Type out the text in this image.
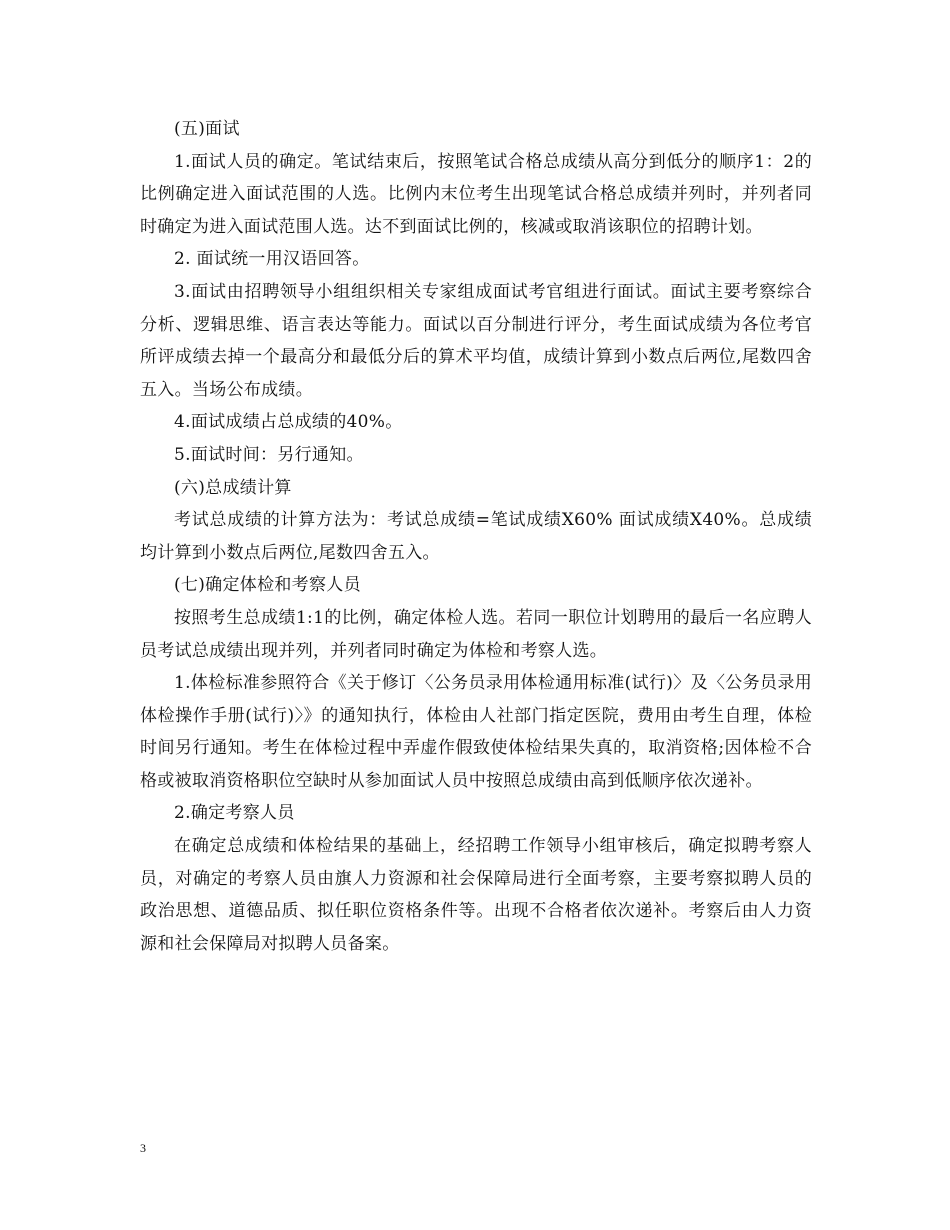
(五)面试

1.面试人员的确定。笔试结束后，按照笔试合格总成绩从高分到低分的顺序1：2的比例确定进入面试范围的人选。比例内末位考生出现笔试合格总成绩并列时，并列者同时确定为进入面试范围人选。达不到面试比例的，核减或取消该职位的招聘计划。

2. 面试统一用汉语回答。

3.面试由招聘领导小组组织相关专家组成面试考官组进行面试。面试主要考察综合分析、逻辑思维、语言表达等能力。面试以百分制进行评分，考生面试成绩为各位考官所评成绩去掉一个最高分和最低分后的算术平均值，成绩计算到小数点后两位,尾数四舍五入。当场公布成绩。

4.面试成绩占总成绩的40%。

5.面试时间：另行通知。

(六)总成绩计算

考试总成绩的计算方法为：考试总成绩=笔试成绩X60% 面试成绩X40%。总成绩均计算到小数点后两位,尾数四舍五入。

(七)确定体检和考察人员

按照考生总成绩1:1的比例，确定体检人选。若同一职位计划聘用的最后一名应聘人员考试总成绩出现并列，并列者同时确定为体检和考察人选。

1.体检标准参照符合《关于修订〈公务员录用体检通用标准(试行)〉及〈公务员录用体检操作手册(试行)〉》的通知执行，体检由人社部门指定医院，费用由考生自理，体检时间另行通知。考生在体检过程中弄虚作假致使体检结果失真的，取消资格;因体检不合格或被取消资格职位空缺时从参加面试人员中按照总成绩由高到低顺序依次递补。

2.确定考察人员

在确定总成绩和体检结果的基础上，经招聘工作领导小组审核后，确定拟聘考察人员，对确定的考察人员由旗人力资源和社会保障局进行全面考察，主要考察拟聘人员的政治思想、道德品质、拟任职位资格条件等。出现不合格者依次递补。考察后由人力资源和社会保障局对拟聘人员备案。

3
